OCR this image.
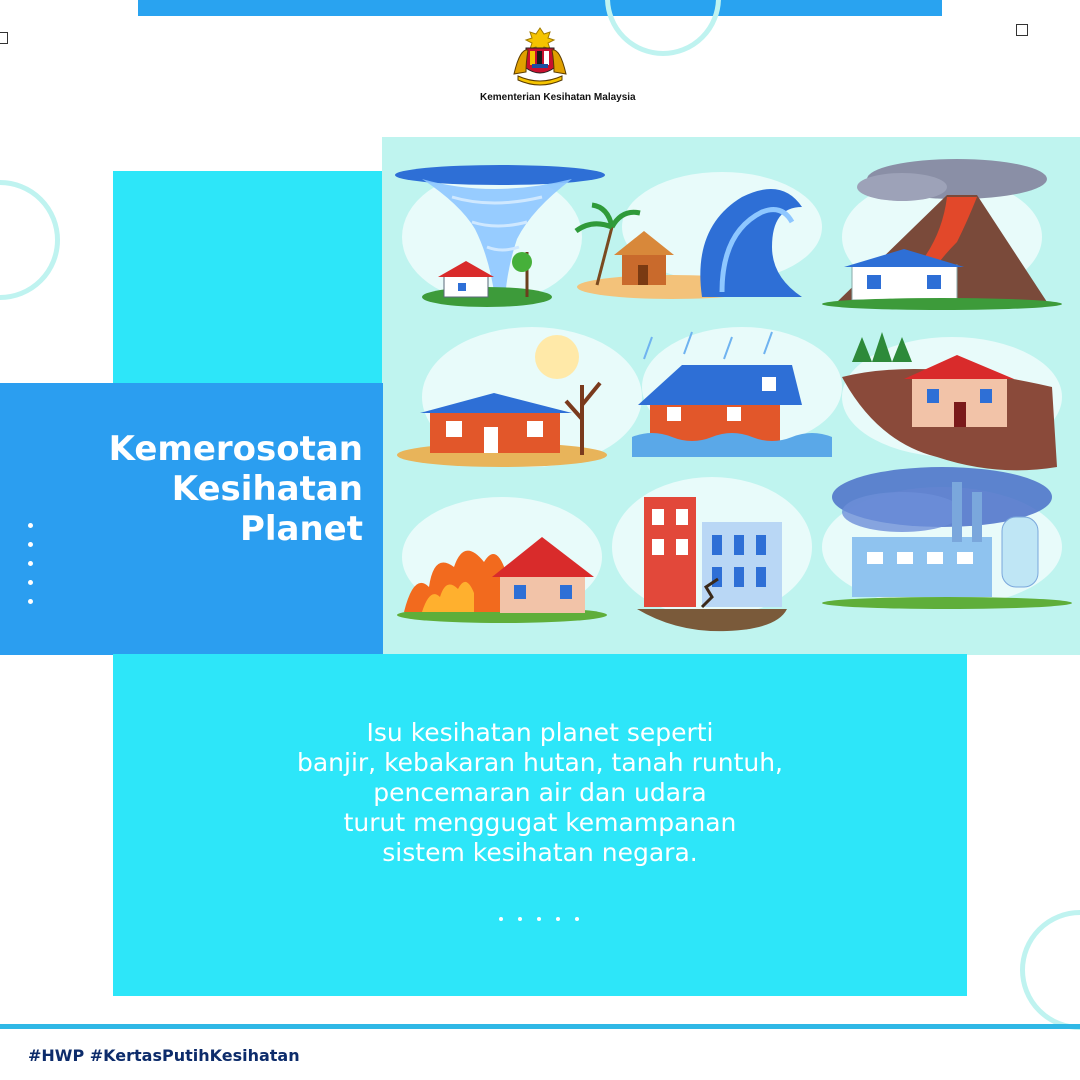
Kementerian Kesihatan Malaysia
Kemerosotan
Kesihatan
Planet
Isu kesihatan planet seperti
banjir, kebakaran hutan, tanah runtuh,
pencemaran air dan udara
turut menggugat kemampanan
sistem kesihatan negara.

#HWP #KertasPutihKesihatan
